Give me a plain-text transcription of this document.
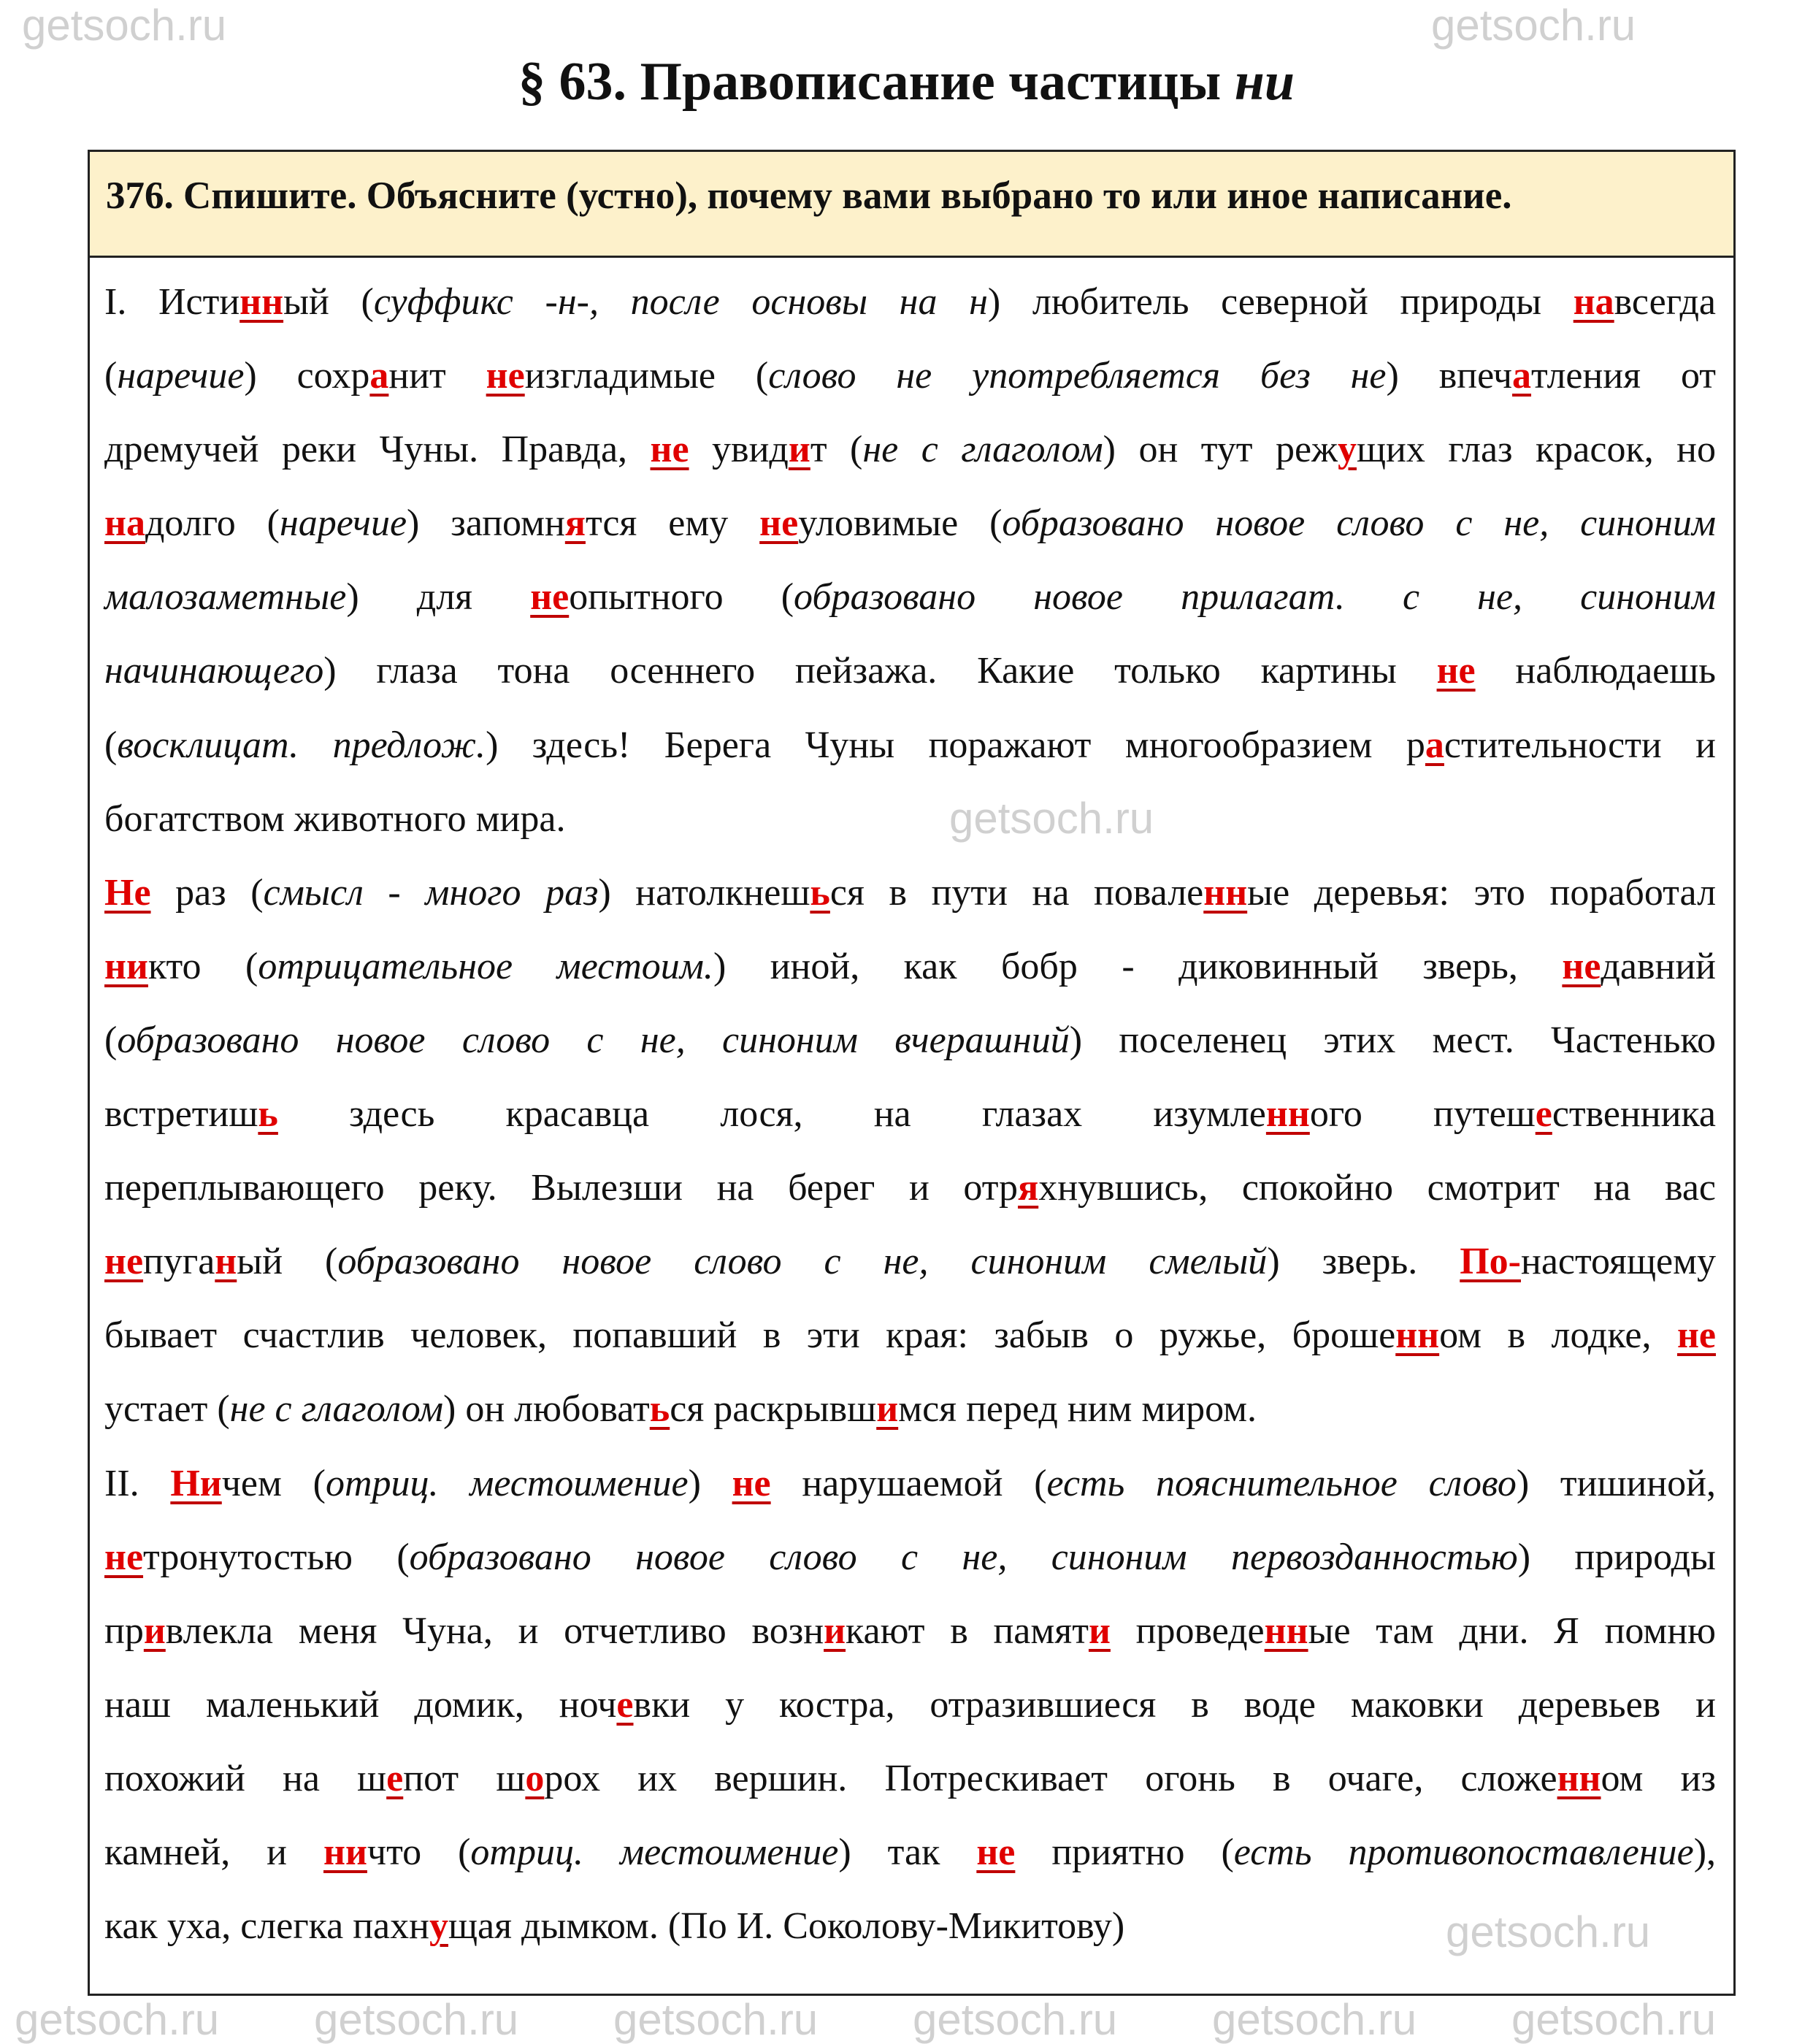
§ 63. Правописание частицы ни
376. Спишите. Объясните (устно), почему вами выбрано то или иное написание.
I. Истинный (суффикс -н-, после основы на н) любитель северной природы навсегда
(наречие) сохранит неизгладимые (слово не употребляется без не) впечатления от
дремучей реки Чуны. Правда, не увидит (не с глаголом) он тут режущих глаз красок, но
надолго (наречие) запомнятся ему неуловимые (образовано новое слово с не, синоним
малозаметные) для неопытного (образовано новое прилагат. с не, синоним
начинающего) глаза тона осеннего пейзажа. Какие только картины не наблюдаешь
(восклицат. предлож.) здесь! Берега Чуны поражают многообразием растительности и
богатством животного мира.
Не раз (смысл - много раз) натолкнешься в пути на поваленные деревья: это поработал
никто (отрицательное местоим.) иной, как бобр - диковинный зверь, недавний
(образовано новое слово с не, синоним вчерашний) поселенец этих мест. Частенько
встретишь здесь красавца лося, на глазах изумленного путешественника
переплывающего реку. Вылезши на берег и отряхнувшись, спокойно смотрит на вас
непуганый (образовано новое слово с не, синоним смелый) зверь. По-настоящему
бывает счастлив человек, попавший в эти края: забыв о ружье, брошенном в лодке, не
устает (не с глаголом) он любоваться раскрывшимся перед ним миром.
II. Ничем (отриц. местоимение) не нарушаемой (есть пояснительное слово) тишиной,
нетронутостью (образовано новое слово с не, синоним первозданностью) природы
привлекла меня Чуна, и отчетливо возникают в памяти проведенные там дни. Я помню
наш маленький домик, ночевки у костра, отразившиеся в воде маковки деревьев и
похожий на шепот шорох их вершин. Потрескивает огонь в очаге, сложенном из
камней, и ничто (отриц. местоимение) так не приятно (есть противопоставление),
как уха, слегка пахнущая дымком. (По И. Соколову-Микитову)
getsoch.ru
getsoch.ru
getsoch.ru
getsoch.ru
getsoch.ru getsoch.ru getsoch.ru getsoch.ru getsoch.ru getsoch.ru
